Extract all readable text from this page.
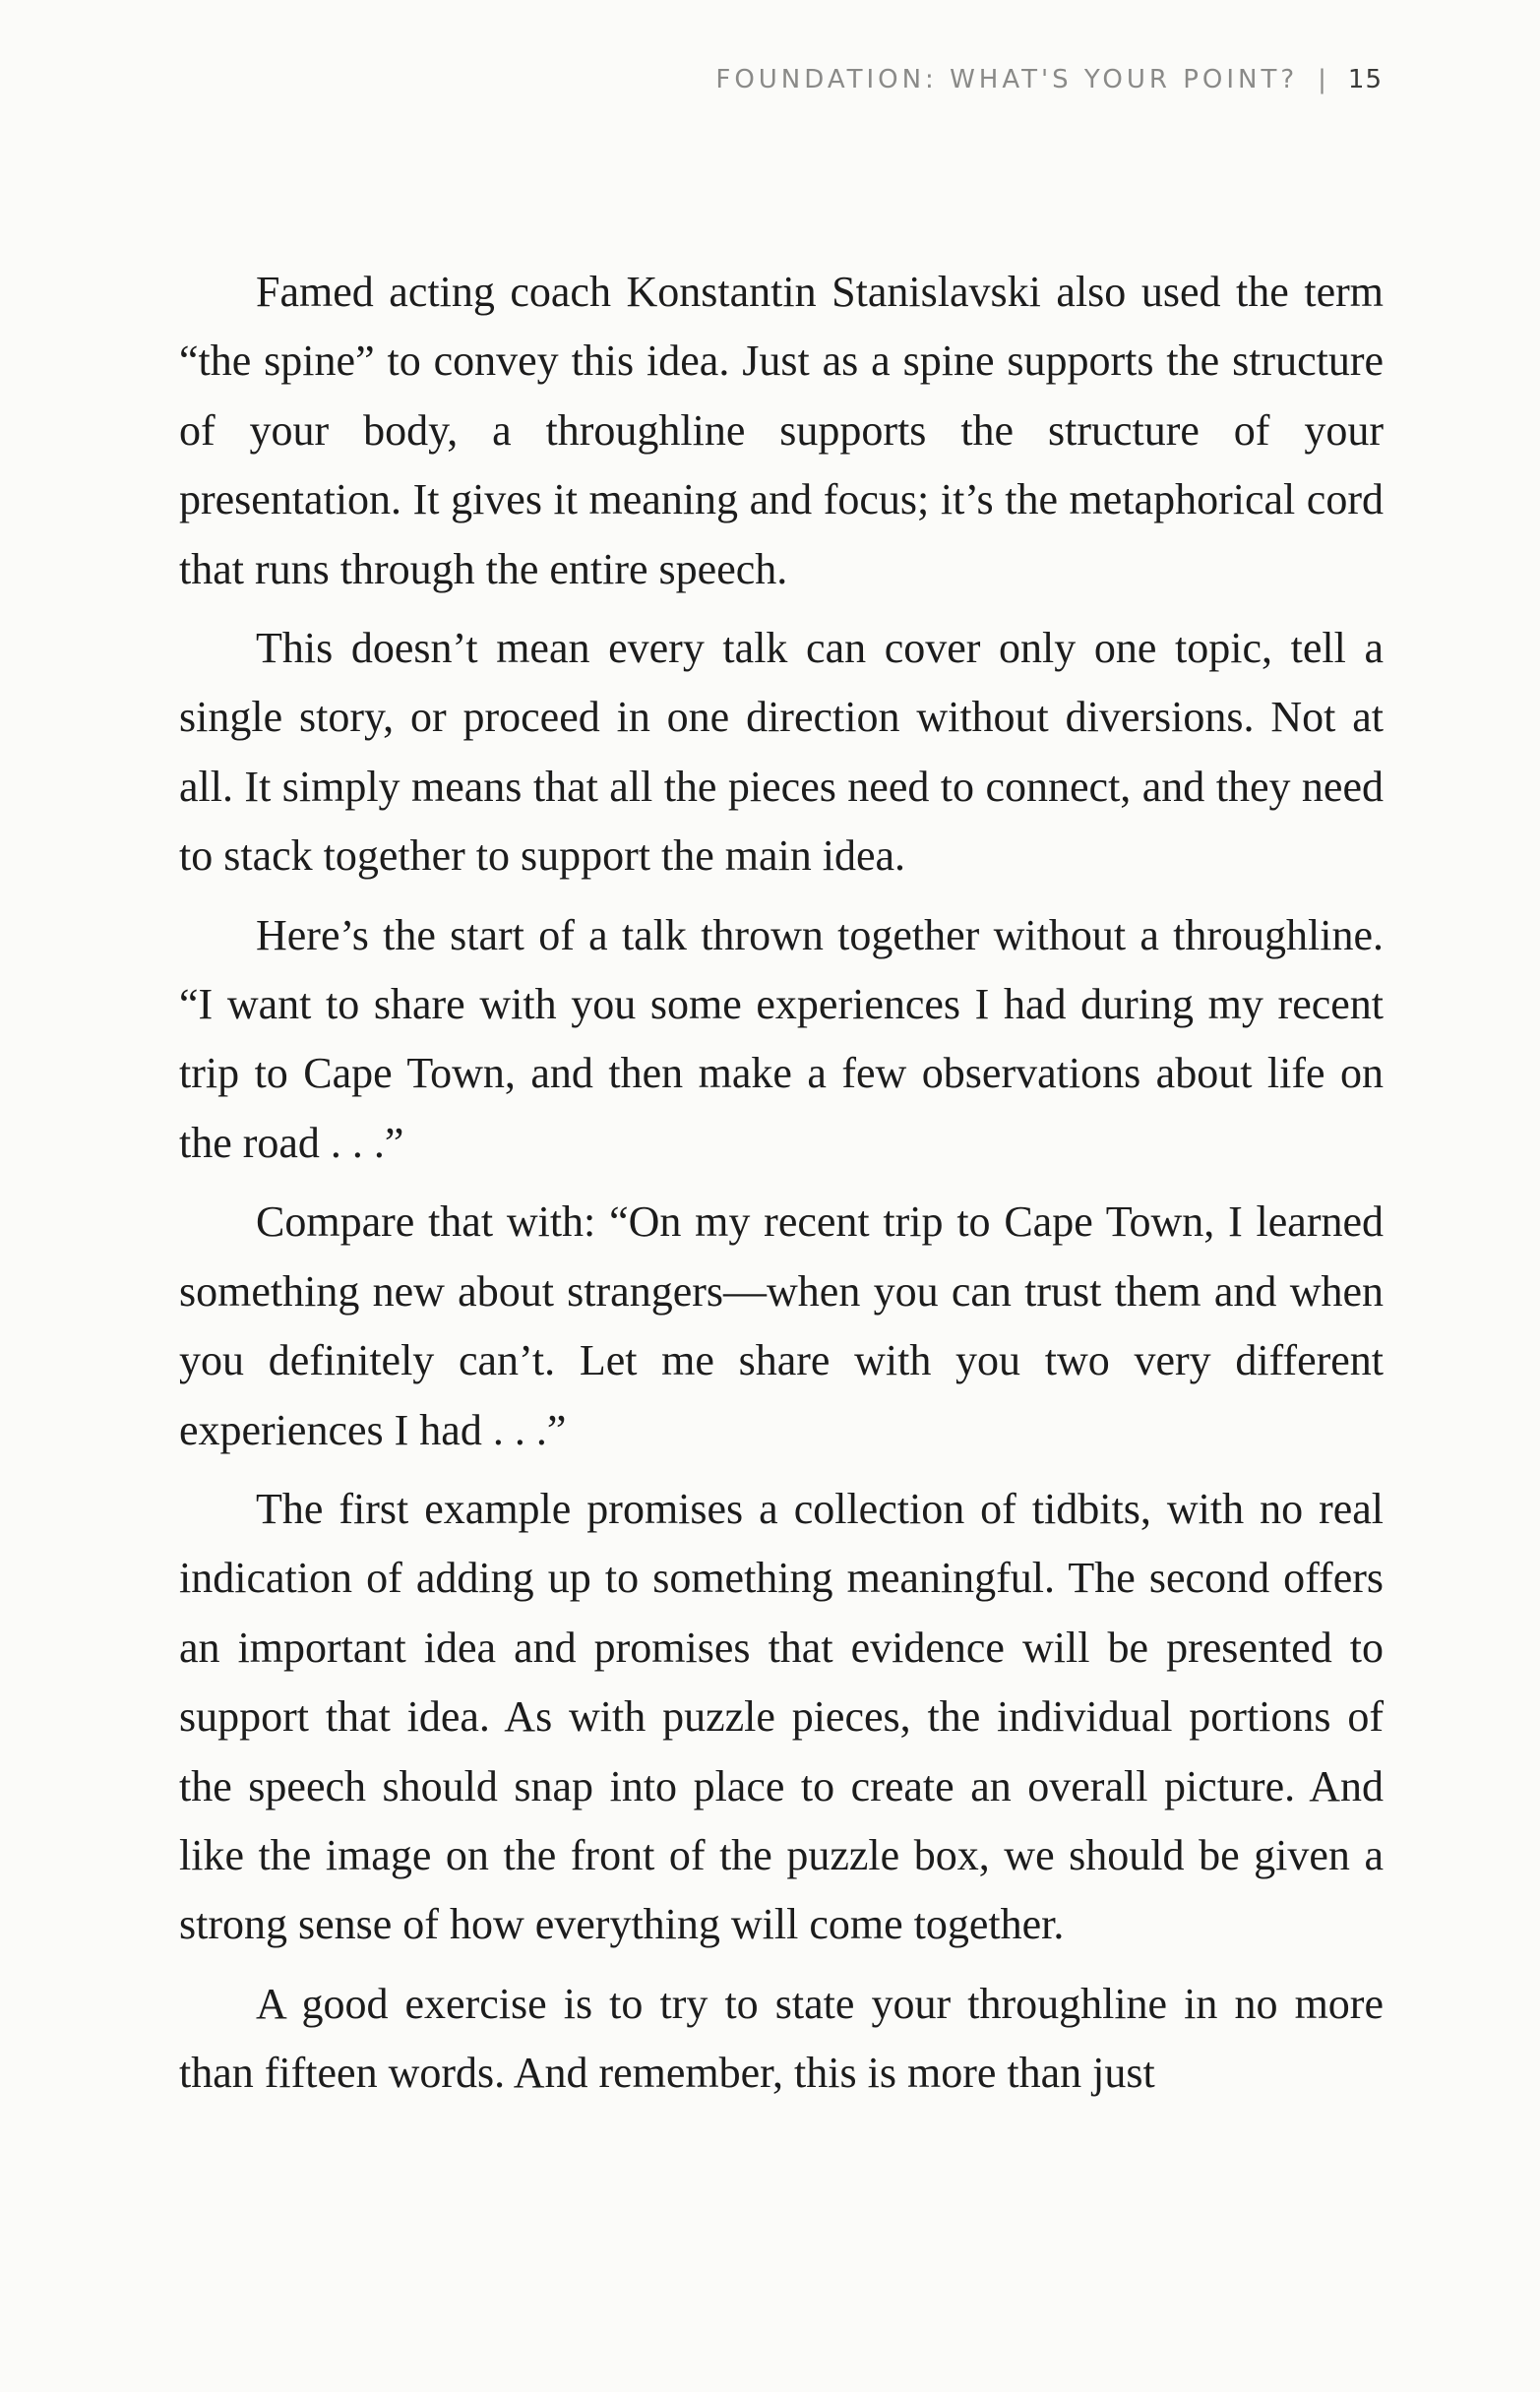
FOUNDATION: WHAT'S YOUR POINT? | 15

Famed acting coach Konstantin Stanislavski also used the term “the spine” to convey this idea. Just as a spine supports the structure of your body, a throughline supports the structure of your presentation. It gives it meaning and focus; it’s the metaphorical cord that runs through the entire speech.

This doesn’t mean every talk can cover only one topic, tell a single story, or proceed in one direction without diversions. Not at all. It simply means that all the pieces need to connect, and they need to stack together to support the main idea.

Here’s the start of a talk thrown together without a throughline. “I want to share with you some experiences I had during my recent trip to Cape Town, and then make a few observations about life on the road . . .”

Compare that with: “On my recent trip to Cape Town, I learned something new about strangers—when you can trust them and when you definitely can’t. Let me share with you two very different experiences I had . . .”

The first example promises a collection of tidbits, with no real indication of adding up to something meaningful. The second offers an important idea and promises that evidence will be presented to support that idea. As with puzzle pieces, the individual portions of the speech should snap into place to create an overall picture. And like the image on the front of the puzzle box, we should be given a strong sense of how everything will come together.

A good exercise is to try to state your throughline in no more than fifteen words. And remember, this is more than just
